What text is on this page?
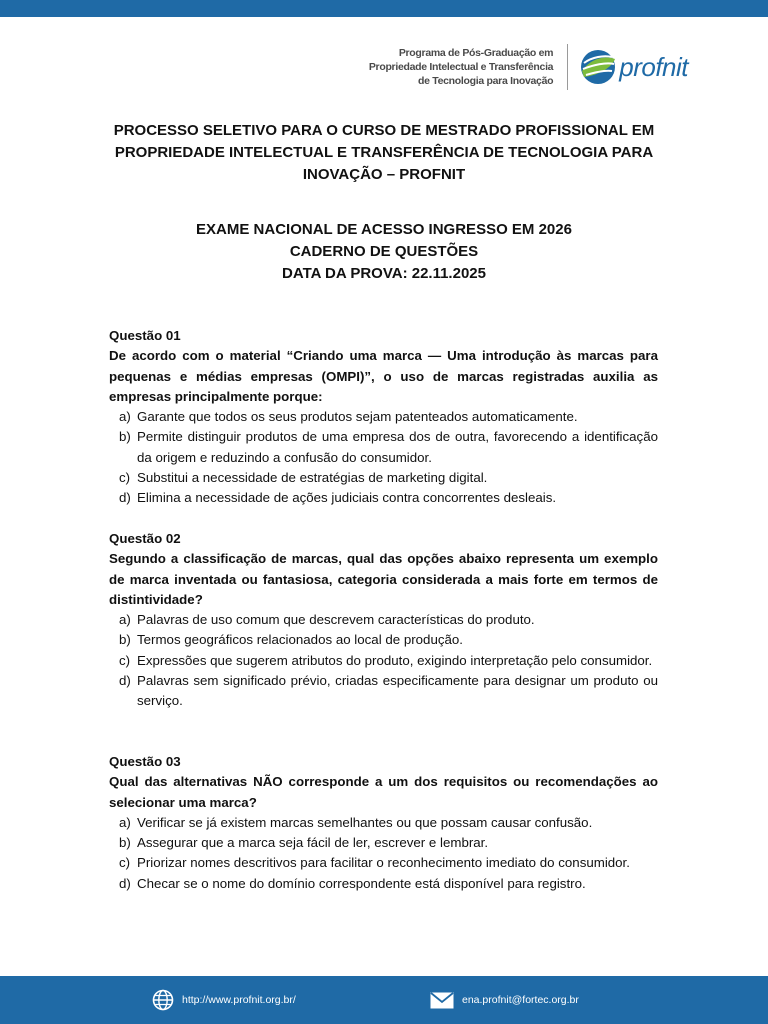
Programa de Pós-Graduação em
Propriedade Intelectual e Transferência
de Tecnologia para Inovação	profnit
PROCESSO SELETIVO PARA O CURSO DE MESTRADO PROFISSIONAL EM PROPRIEDADE INTELECTUAL E TRANSFERÊNCIA DE TECNOLOGIA PARA INOVAÇÃO – PROFNIT
EXAME NACIONAL DE ACESSO INGRESSO EM 2026
CADERNO DE QUESTÕES
DATA DA PROVA: 22.11.2025
Questão 01
De acordo com o material “Criando uma marca — Uma introdução às marcas para pequenas e médias empresas (OMPI)”, o uso de marcas registradas auxilia as empresas principalmente porque:
a) Garante que todos os seus produtos sejam patenteados automaticamente.
b) Permite distinguir produtos de uma empresa dos de outra, favorecendo a identificação da origem e reduzindo a confusão do consumidor.
c) Substitui a necessidade de estratégias de marketing digital.
d) Elimina a necessidade de ações judiciais contra concorrentes desleais.
Questão 02
Segundo a classificação de marcas, qual das opções abaixo representa um exemplo de marca inventada ou fantasiosa, categoria considerada a mais forte em termos de distintividade?
a) Palavras de uso comum que descrevem características do produto.
b) Termos geográficos relacionados ao local de produção.
c) Expressões que sugerem atributos do produto, exigindo interpretação pelo consumidor.
d) Palavras sem significado prévio, criadas especificamente para designar um produto ou serviço.
Questão 03
Qual das alternativas NÃO corresponde a um dos requisitos ou recomendações ao selecionar uma marca?
a) Verificar se já existem marcas semelhantes ou que possam causar confusão.
b) Assegurar que a marca seja fácil de ler, escrever e lembrar.
c) Priorizar nomes descritivos para facilitar o reconhecimento imediato do consumidor.
d) Checar se o nome do domínio correspondente está disponível para registro.
http://www.profnit.org.br/	ena.profnit@fortec.org.br
